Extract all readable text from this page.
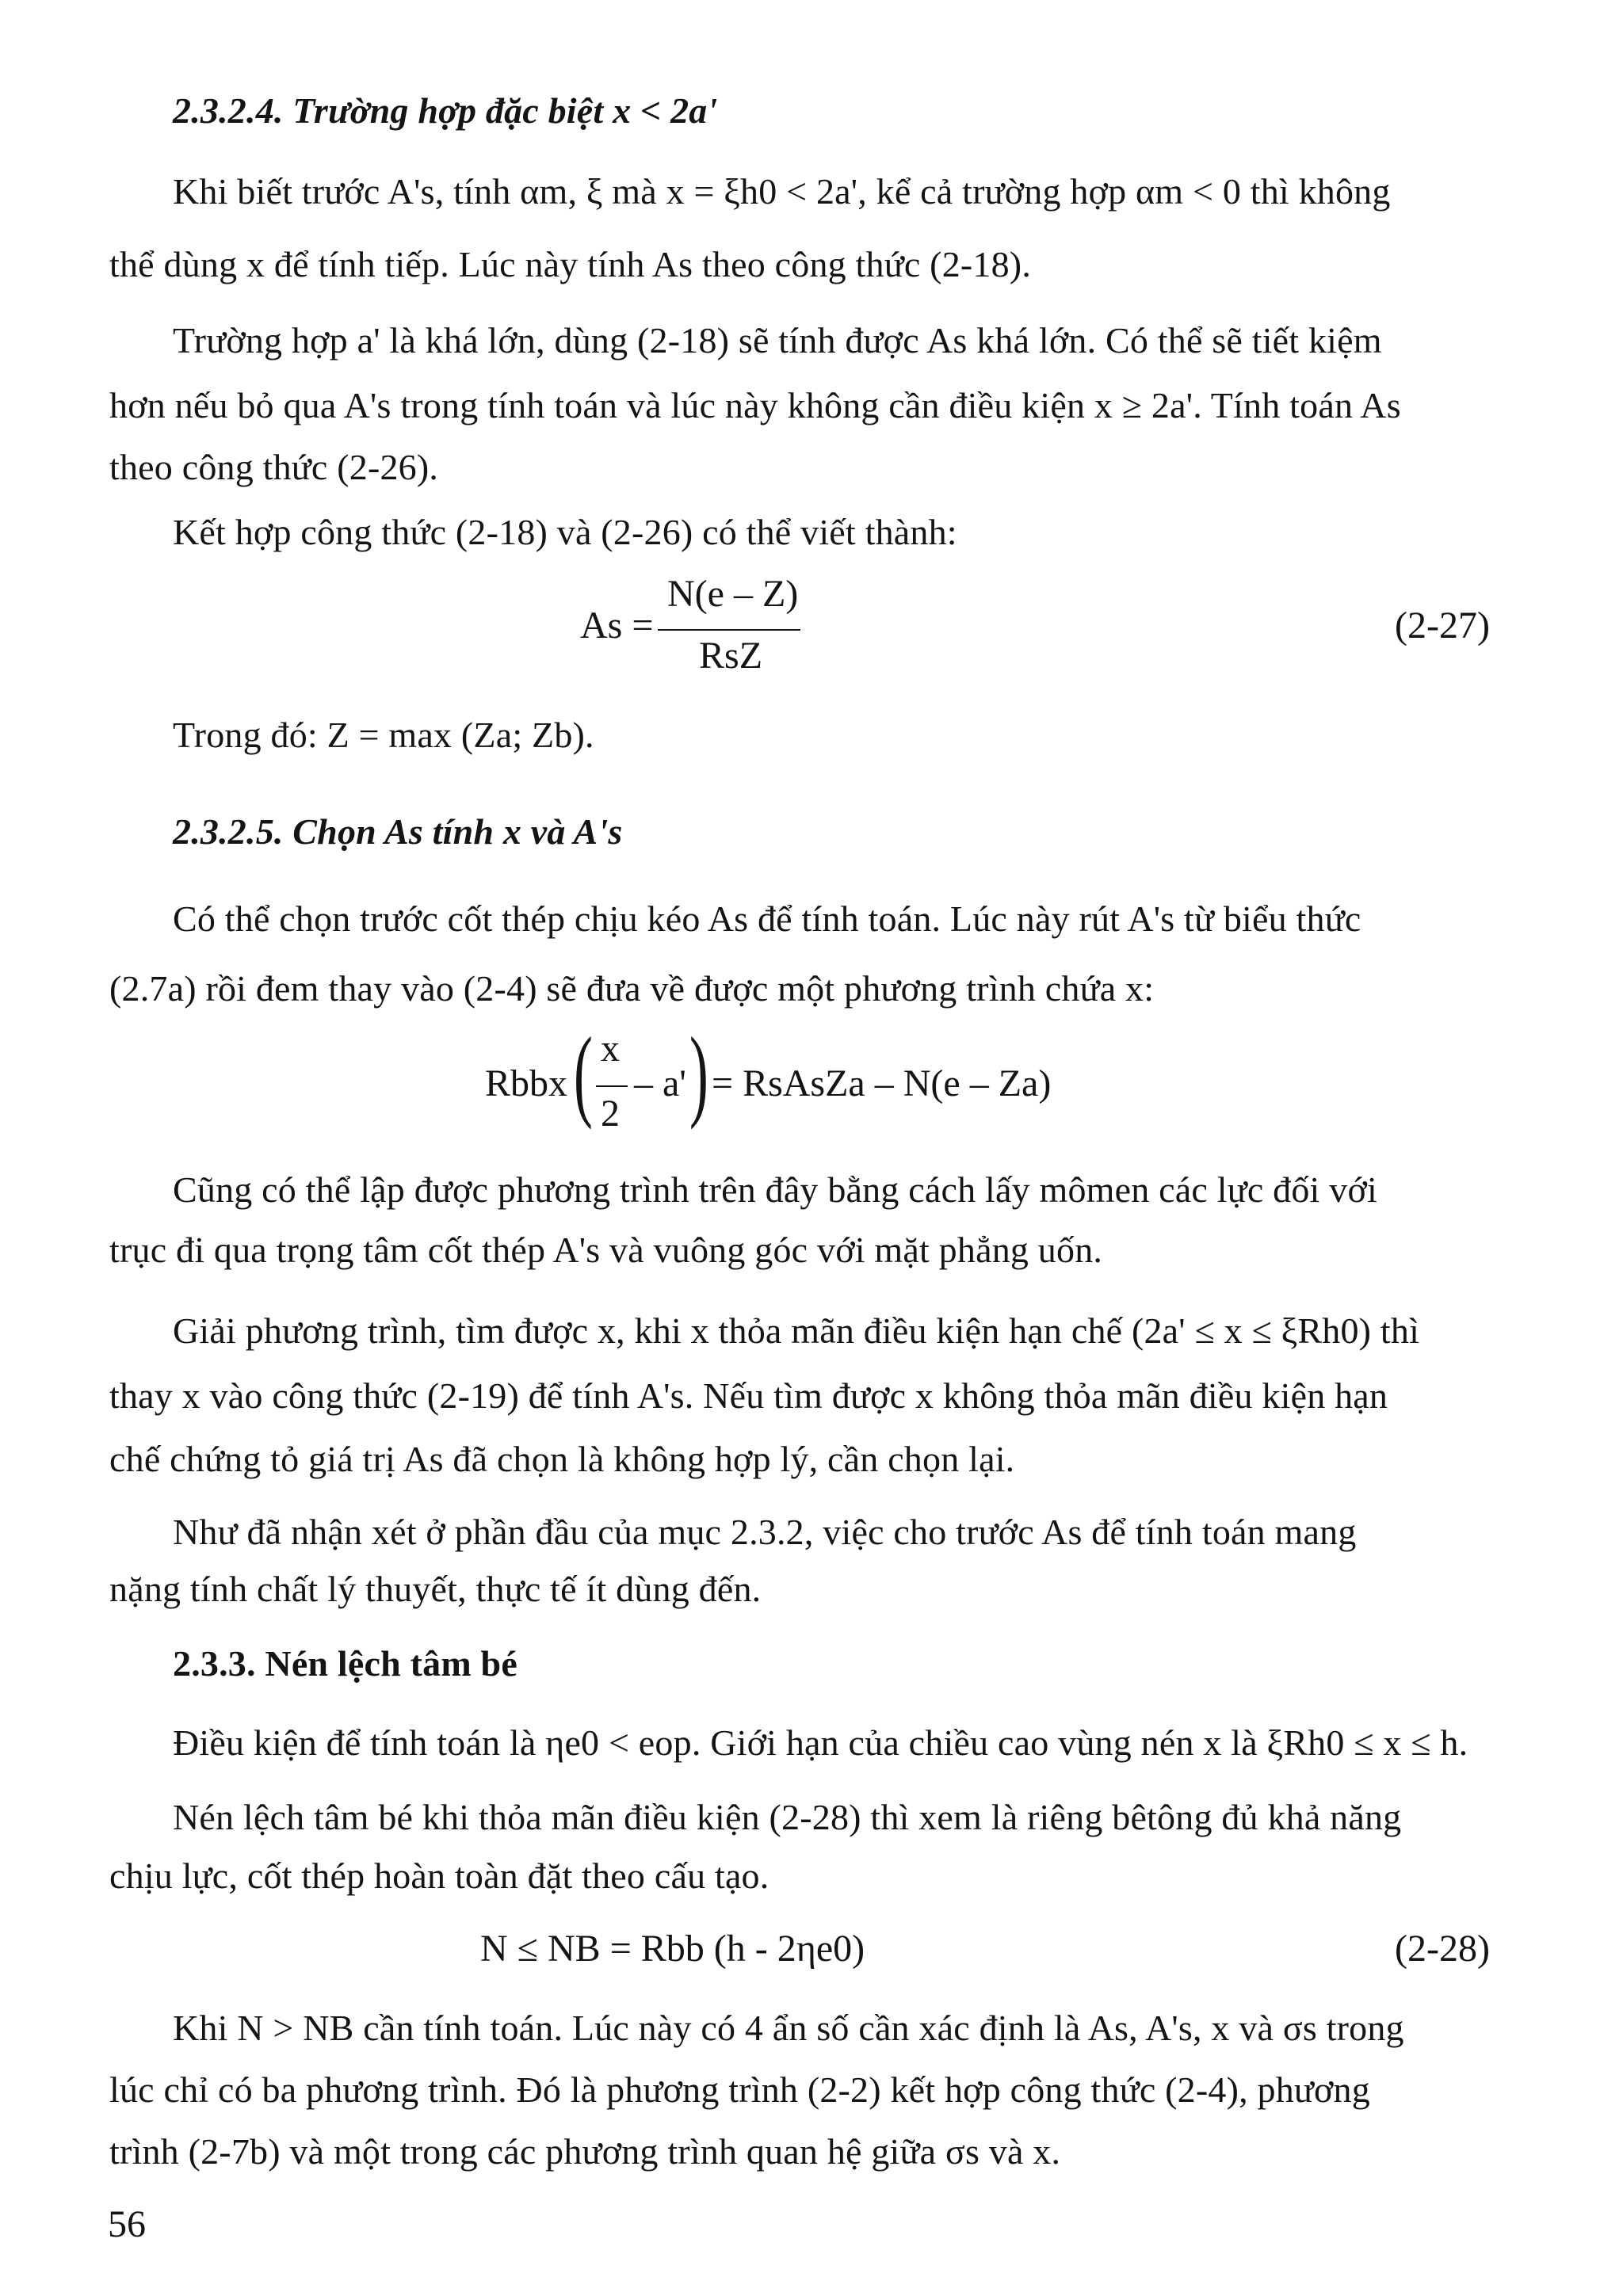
2.3.2.4. Trường hợp đặc biệt x < 2a'
Khi biết trước A's, tính αm, ξ mà x = ξh0 < 2a', kể cả trường hợp αm < 0 thì không
thể dùng x để tính tiếp. Lúc này tính As theo công thức (2-18).
Trường hợp a' là khá lớn, dùng (2-18) sẽ tính được As khá lớn. Có thể sẽ tiết kiệm
hơn nếu bỏ qua A's trong tính toán và lúc này không cần điều kiện x ≥ 2a'. Tính toán As
theo công thức (2-26).
Kết hợp công thức (2-18) và (2-26) có thể viết thành:
As =
N(e – Z)
RsZ
(2-27)
Trong đó: Z = max (Za; Zb).
2.3.2.5. Chọn As tính x và A's
Có thể chọn trước cốt thép chịu kéo As để tính toán. Lúc này rút A's từ biểu thức
(2.7a) rồi đem thay vào (2-4) sẽ đưa về được một phương trình chứa x:
Rbbx ( x
2
– a' ) = RsAsZa – N(e – Za)
Cũng có thể lập được phương trình trên đây bằng cách lấy mômen các lực đối với
trục đi qua trọng tâm cốt thép A's và vuông góc với mặt phẳng uốn.
Giải phương trình, tìm được x, khi x thỏa mãn điều kiện hạn chế (2a' ≤ x ≤ ξRh0) thì
thay x vào công thức (2-19) để tính A's. Nếu tìm được x không thỏa mãn điều kiện hạn
chế chứng tỏ giá trị As đã chọn là không hợp lý, cần chọn lại.
Như đã nhận xét ở phần đầu của mục 2.3.2, việc cho trước As để tính toán mang
nặng tính chất lý thuyết, thực tế ít dùng đến.
2.3.3. Nén lệch tâm bé
Điều kiện để tính toán là ηe0 < eop. Giới hạn của chiều cao vùng nén x là ξRh0 ≤ x ≤ h.
Nén lệch tâm bé khi thỏa mãn điều kiện (2-28) thì xem là riêng bêtông đủ khả năng
chịu lực, cốt thép hoàn toàn đặt theo cấu tạo.
N ≤ NB = Rbb (h - 2ηe0)	(2-28)
Khi N > NB cần tính toán. Lúc này có 4 ẩn số cần xác định là As, A's, x và σs trong
lúc chỉ có ba phương trình. Đó là phương trình (2-2) kết hợp công thức (2-4), phương
trình (2-7b) và một trong các phương trình quan hệ giữa σs và x.
56
